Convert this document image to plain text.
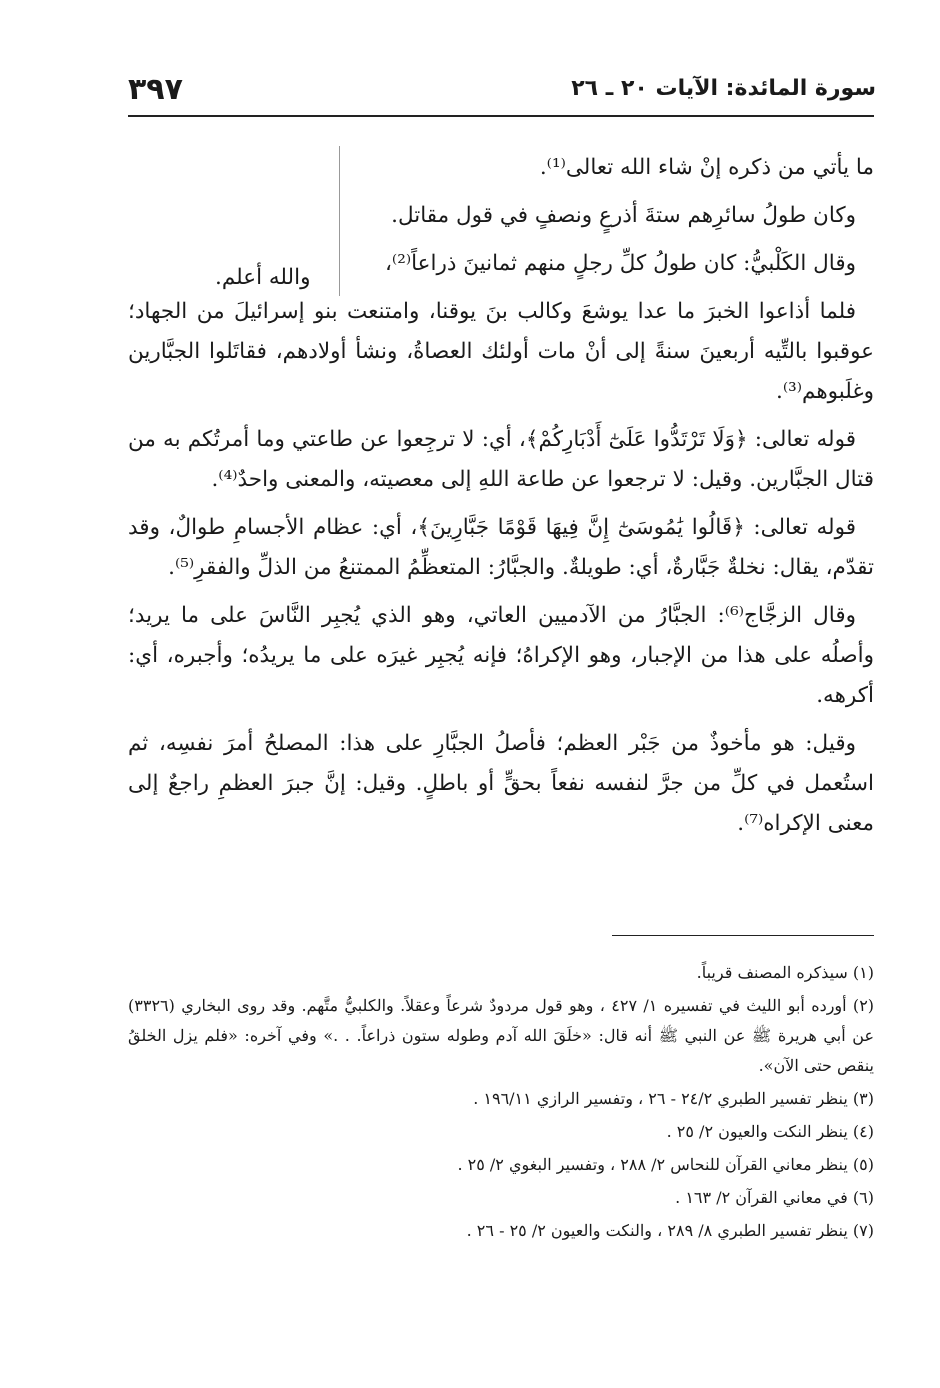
سورة المائدة: الآيات ٢٠ ـ ٢٦
٣٩٧
والله أعلم.

ما يأتي من ذكره إنْ شاء الله تعالى⁽¹⁾.

وكان طولُ سائرِهم ستةَ أذرعٍ ونصفٍ في قول مقاتل.

وقال الكَلْبيُّ: كان طولُ كلِّ رجلٍ منهم ثمانينَ ذراعاً⁽²⁾،

فلما أذاعوا الخبرَ ما عدا يوشعَ وكالب بنَ يوقنا، وامتنعت بنو إسرائيلَ من الجهاد؛ عوقبوا بالتِّيه أربعينَ سنةً إلى أنْ مات أولئك العصاةُ، ونشأ أولادهم، فقاتَلوا الجبَّارين وغلَبوهم⁽³⁾.

قوله تعالى: ﴿وَلَا تَرْتَدُّوا عَلَىٰٓ أَدْبَارِكُمْ﴾، أي: لا ترجِعوا عن طاعتي وما أمرتُكم به من قتال الجبَّارين. وقيل: لا ترجعوا عن طاعة اللهِ إلى معصيته، والمعنى واحدٌ⁽⁴⁾.

قوله تعالى: ﴿قَالُوا يَٰمُوسَىٰٓ إِنَّ فِيهَا قَوْمًا جَبَّارِينَ﴾، أي: عظام الأجسامِ طوالٌ، وقد تقدّم، يقال: نخلةٌ جَبَّارةٌ، أي: طويلةٌ. والجبَّارُ: المتعظِّمُ الممتنعُ من الذلِّ والفقرِ⁽⁵⁾.

وقال الزجَّاج⁽⁶⁾: الجبَّارُ من الآدميين العاتي، وهو الذي يُجبِر النَّاسَ على ما يريد؛ وأصلُه على هذا من الإجبار، وهو الإكراهُ؛ فإنه يُجبِر غيرَه على ما يريدُه؛ وأجبره، أي: أكرهه.

وقيل: هو مأخوذٌ من جَبْر العظم؛ فأصلُ الجبَّارِ على هذا: المصلحُ أمرَ نفسِه، ثم استُعمل في كلِّ من جرَّ لنفسه نفعاً بحقٍّ أو باطلٍ. وقيل: إنَّ جبرَ العظمِ راجعٌ إلى معنى الإكراه⁽⁷⁾.

(١) سيذكره المصنف قريباً.

(٢) أورده أبو الليث في تفسيره ١/ ٤٢٧ ، وهو قول مردودٌ شرعاً وعقلاً. والكلبيُّ متَّهم. وقد روى البخاري (٣٣٢٦) عن أبي هريرة ﷺ عن النبي ﷺ أنه قال: «خلَقَ الله آدم وطوله ستون ذراعاً. . .» وفي آخره: «فلم يزل الخلقُ ينقص حتى الآن».

(٣) ينظر تفسير الطبري ٢٤/٢ - ٢٦ ، وتفسير الرازي ١٩٦/١١ .

(٤) ينظر النكت والعيون ٢/ ٢٥ .

(٥) ينظر معاني القرآن للنحاس ٢/ ٢٨٨ ، وتفسير البغوي ٢/ ٢٥ .

(٦) في معاني القرآن ٢/ ١٦٣ .

(٧) ينظر تفسير الطبري ٨/ ٢٨٩ ، والنكت والعيون ٢/ ٢٥ - ٢٦ .
